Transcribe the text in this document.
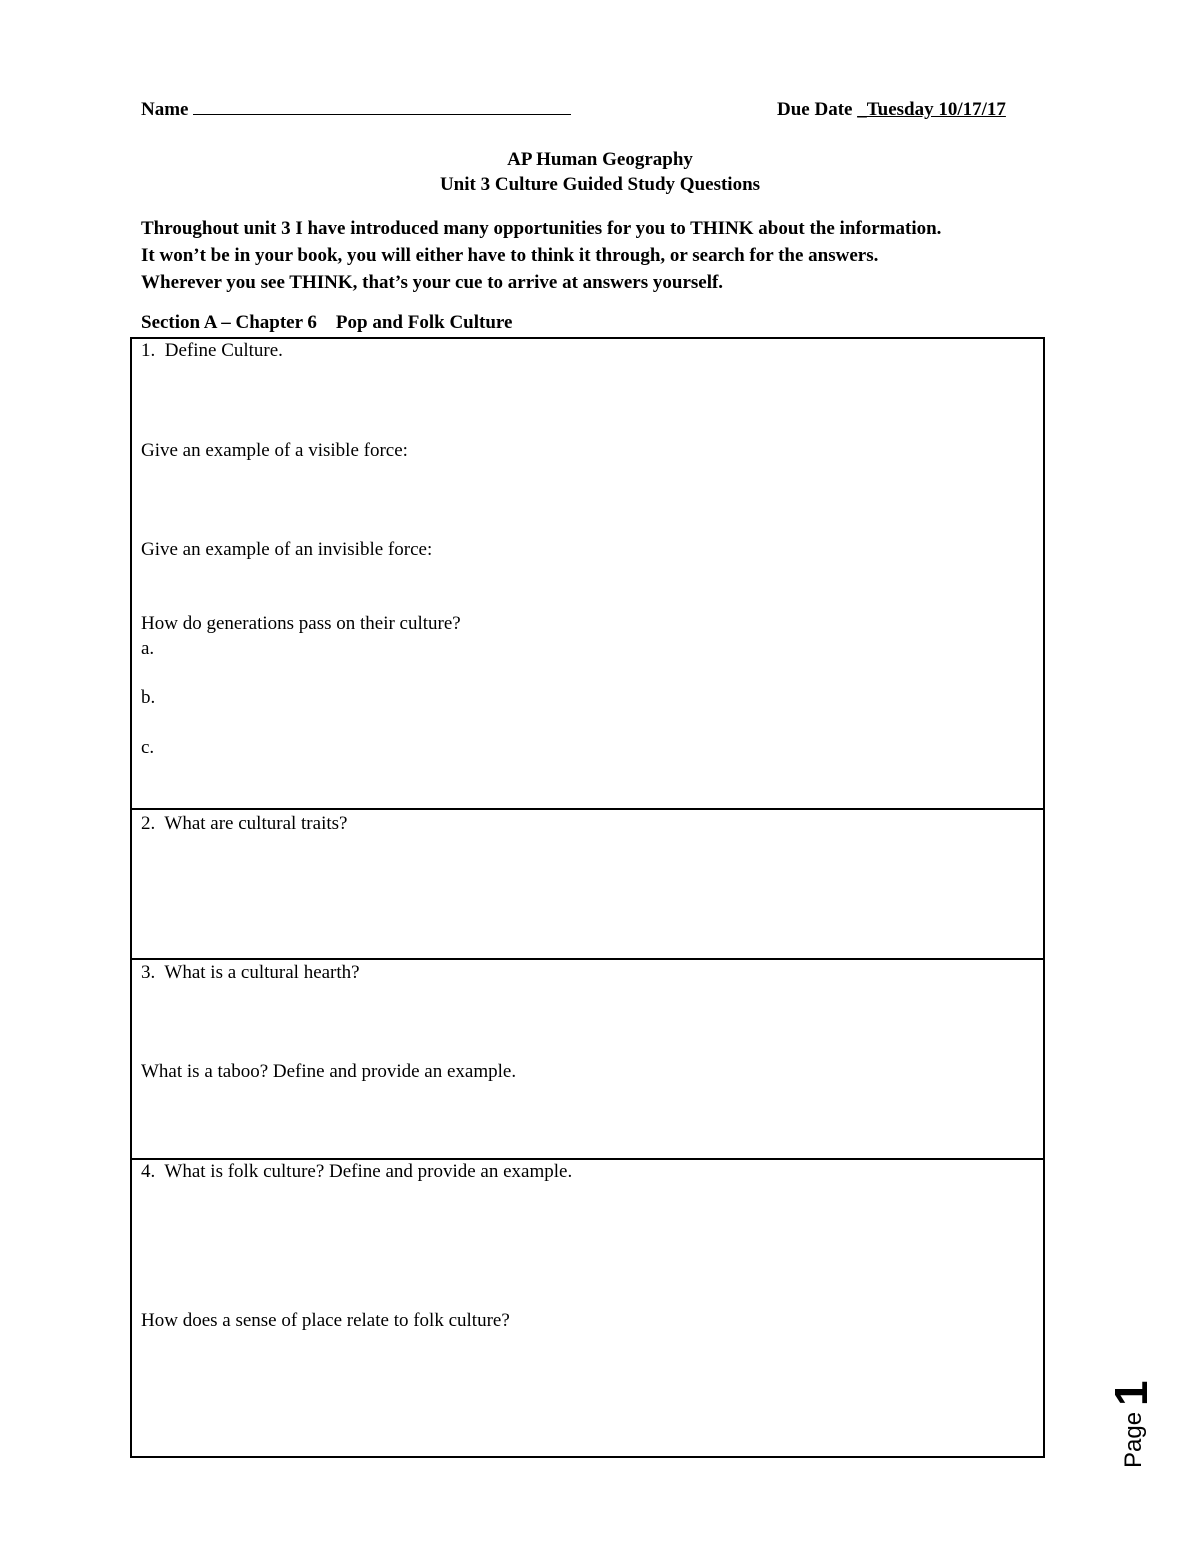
Name	Due Date _Tuesday 10/17/17
AP Human Geography
Unit 3 Culture Guided Study Questions
Throughout unit 3 I have introduced many opportunities for you to THINK about the information.
It won’t be in your book, you will either have to think it through, or search for the answers.
Wherever you see THINK, that’s your cue to arrive at answers yourself.
Section A – Chapter 6    Pop and Folk Culture
1.  Define Culture.
Give an example of a visible force:
Give an example of an invisible force:
How do generations pass on their culture?
a.
b.
c.
2.  What are cultural traits?
3.  What is a cultural hearth?
What is a taboo? Define and provide an example.
4.  What is folk culture? Define and provide an example.
How does a sense of place relate to folk culture?
Page1
